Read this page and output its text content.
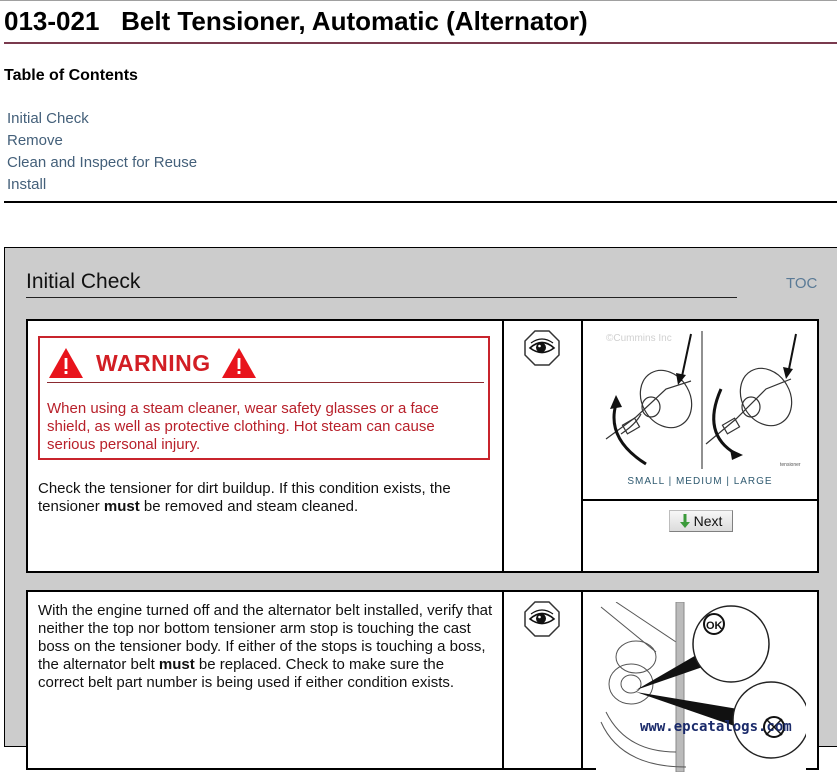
013-021   Belt Tensioner, Automatic (Alternator)
Table of Contents
Initial Check
Remove
Clean and Inspect for Reuse
Install
Initial Check	TOC
WARNING
When using a steam cleaner, wear safety glasses or a face shield, as well as protective clothing. Hot steam can cause serious personal injury.
Check the tensioner for dirt buildup. If this condition exists, the tensioner must be removed and steam cleaned.
©Cummins Inc
tensioner
SMALL | MEDIUM | LARGE
Next
With the engine turned off and the alternator belt installed, verify that neither the top nor bottom tensioner arm stop is touching the cast boss on the tensioner body. If either of the stops is touching a boss, the alternator belt must be replaced. Check to make sure the correct belt part number is being used if either condition exists.
OK
www.epcatalogs.com
